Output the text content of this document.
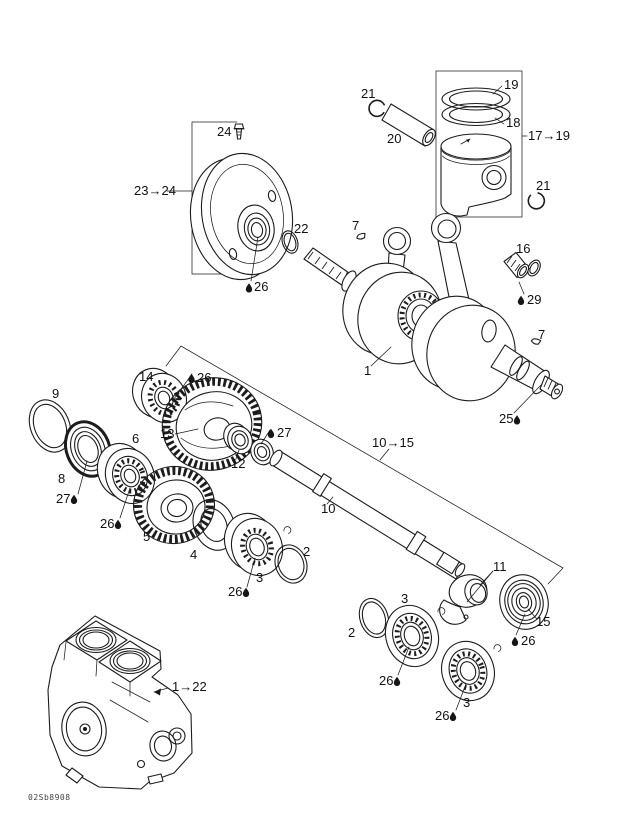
21
20
19
18
17→19
21
24
23→24
22
26
7
16
29
7
1
25
14	26
9
13
12
27
6
8
27
26
5
4
3
26
2
10→15
10
11
2
3
26
15
26
3
26
1→22
02Sb8908
